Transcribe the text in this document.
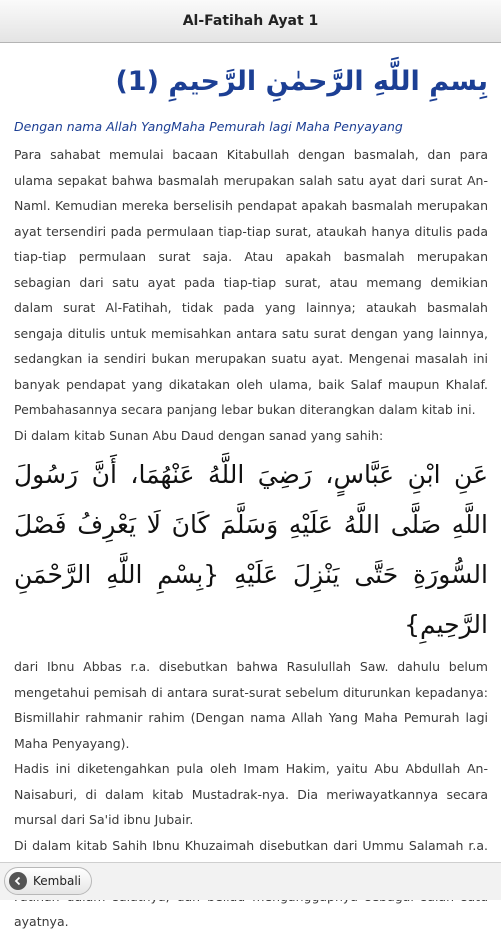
Al-Fatihah Ayat 1
بِسمِ اللَّهِ الرَّحمٰنِ الرَّحيمِ (1)

Dengan nama Allah YangMaha Pemurah lagi Maha Penyayang

Para sahabat memulai bacaan Kitabullah dengan basmalah, dan para ulama sepakat bahwa basmalah merupakan salah satu ayat dari surat An-Naml. Kemudian mereka berselisih pendapat apakah basmalah merupakan ayat tersendiri pada permulaan tiap-tiap surat, ataukah hanya ditulis pada tiap-tiap permulaan surat saja. Atau apakah basmalah merupakan sebagian dari satu ayat pada tiap-tiap surat, atau memang demikian dalam surat Al-Fatihah, tidak pada yang lainnya; ataukah basmalah sengaja ditulis untuk memisahkan antara satu surat dengan yang lainnya, sedangkan ia sendiri bukan merupakan suatu ayat. Mengenai masalah ini banyak pendapat yang dikatakan oleh ulama, baik Salaf maupun Khalaf. Pembahasannya secara panjang lebar bukan diterangkan dalam kitab ini.

Di dalam kitab Sunan Abu Daud dengan sanad yang sahih:

عَنِ ابْنِ عَبَّاسٍ، رَضِيَ اللَّهُ عَنْهُمَا، أَنَّ رَسُولَ اللَّهِ صَلَّى اللَّهُ عَلَيْهِ وَسَلَّمَ كَانَ لَا يَعْرِفُ فَصْلَ السُّورَةِ حَتَّى يَنْزِلَ عَلَيْهِ {بِسْمِ اللَّهِ الرَّحْمَنِ الرَّحِيمِ}

dari Ibnu Abbas r.a. disebutkan bahwa Rasulullah Saw. dahulu belum mengetahui pemisah di antara surat-surat sebelum diturunkan kepadanya: Bismillahir rahmanir rahim (Dengan nama Allah Yang Maha Pemurah lagi Maha Penyayang).

Hadis ini diketengahkan pula oleh Imam Hakim, yaitu Abu Abdullah An-Naisaburi, di dalam kitab Mustadrak-nya. Dia meriwayatkannya secara mursal dari Sa'id ibnu Jubair.

Di dalam kitab Sahih Ibnu Khuzaimah disebutkan dari Ummu Salamah r.a. ayatnya.

Kembali
